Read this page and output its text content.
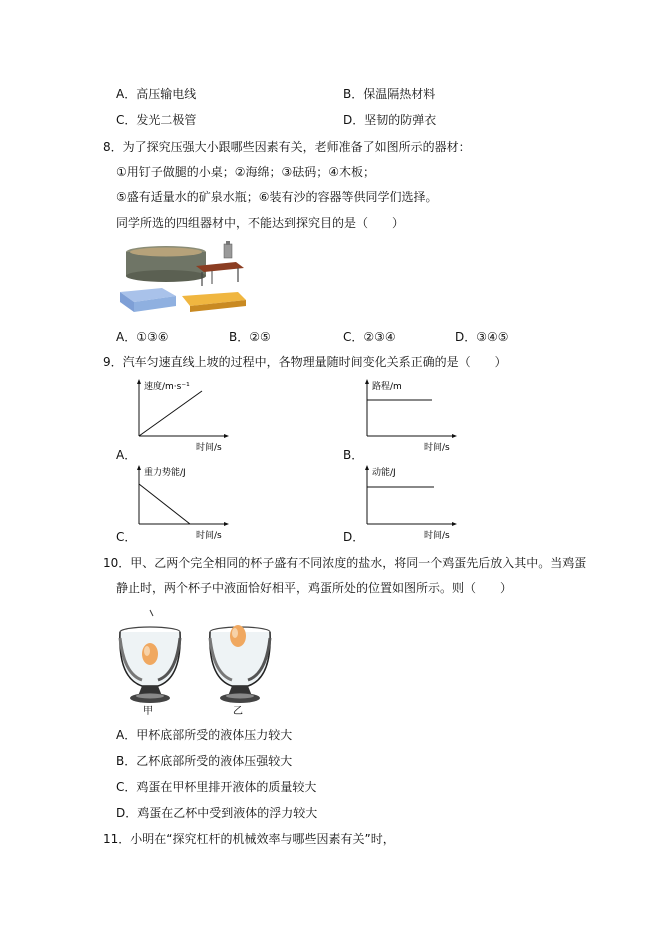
A．高压输电线	B．保温隔热材料
C．发光二极管	D．坚韧的防弹衣
8．为了探究压强大小跟哪些因素有关，老师准备了如图所示的器材：
①用钉子做腿的小桌；②海绵；③砝码；④木板；
⑤盛有适量水的矿泉水瓶；⑥装有沙的容器等供同学们选择。
同学所选的四组器材中，不能达到探究目的是（　　）
A．①③⑥	B．②⑤	C．②③④	D．③④⑤
9．汽车匀速直线上坡的过程中，各物理量随时间变化关系正确的是（　　）
A．
速度/m·s⁻¹
时间/s	B．
路程/m
时间/s
C．
重力势能/J
时间/s	D．
动能/J
时间/s
10．甲、乙两个完全相同的杯子盛有不同浓度的盐水，将同一个鸡蛋先后放入其中。当鸡蛋
静止时，两个杯子中液面恰好相平，鸡蛋所处的位置如图所示。则（　　）
甲	乙
A．甲杯底部所受的液体压力较大
B．乙杯底部所受的液体压强较大
C．鸡蛋在甲杯里排开液体的质量较大
D．鸡蛋在乙杯中受到液体的浮力较大
11．小明在“探究杠杆的机械效率与哪些因素有关”时，
